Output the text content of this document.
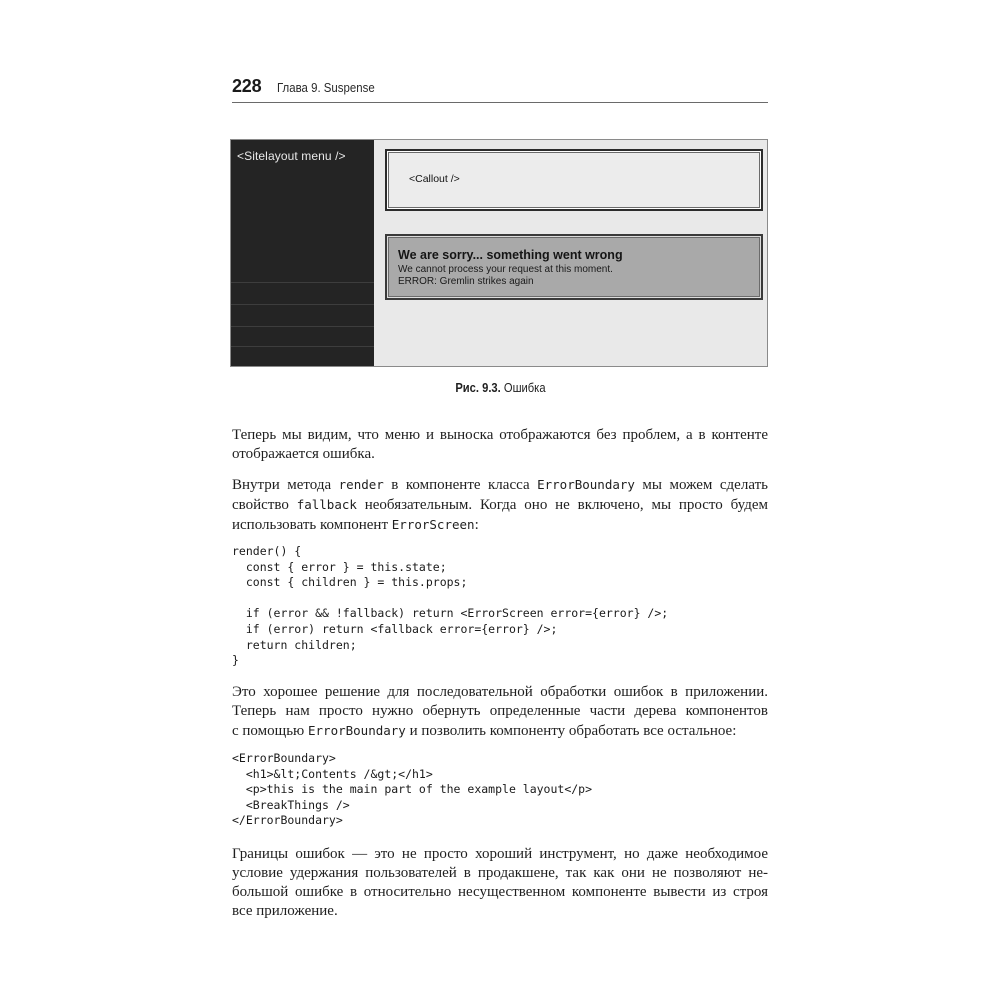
228 Глава 9. Suspense
<Sitelayout menu />
<Callout />
We are sorry... something went wrong
We cannot process your request at this moment.
ERROR: Gremlin strikes again
Рис. 9.3. Ошибка
Теперь мы видим, что меню и выноска отображаются без проблем, а в контенте
отображается ошибка.
Внутри метода render в компоненте класса ErrorBoundary мы можем сделать
свойство fallback необязательным. Когда оно не включено, мы просто будем
использовать компонент ErrorScreen:
render() {
const { error } = this.state;
const { children } = this.props;
if (error && !fallback) return <ErrorScreen error={error} />;
if (error) return <fallback error={error} />;
return children;
}
Это хорошее решение для последовательной обработки ошибок в приложении.
Теперь нам просто нужно обернуть определенные части дерева компонентов
с помощью ErrorBoundary и позволить компоненту обработать все остальное:
<ErrorBoundary>
<h1>&lt;Contents /&gt;</h1>
<p>this is the main part of the example layout</p>
<BreakThings />
</ErrorBoundary>
Границы ошибок — это не просто хороший инструмент, но даже необходимое
условие удержания пользователей в продакшене, так как они не позволяют не-
большой ошибке в относительно несущественном компоненте вывести из строя
все приложение.
